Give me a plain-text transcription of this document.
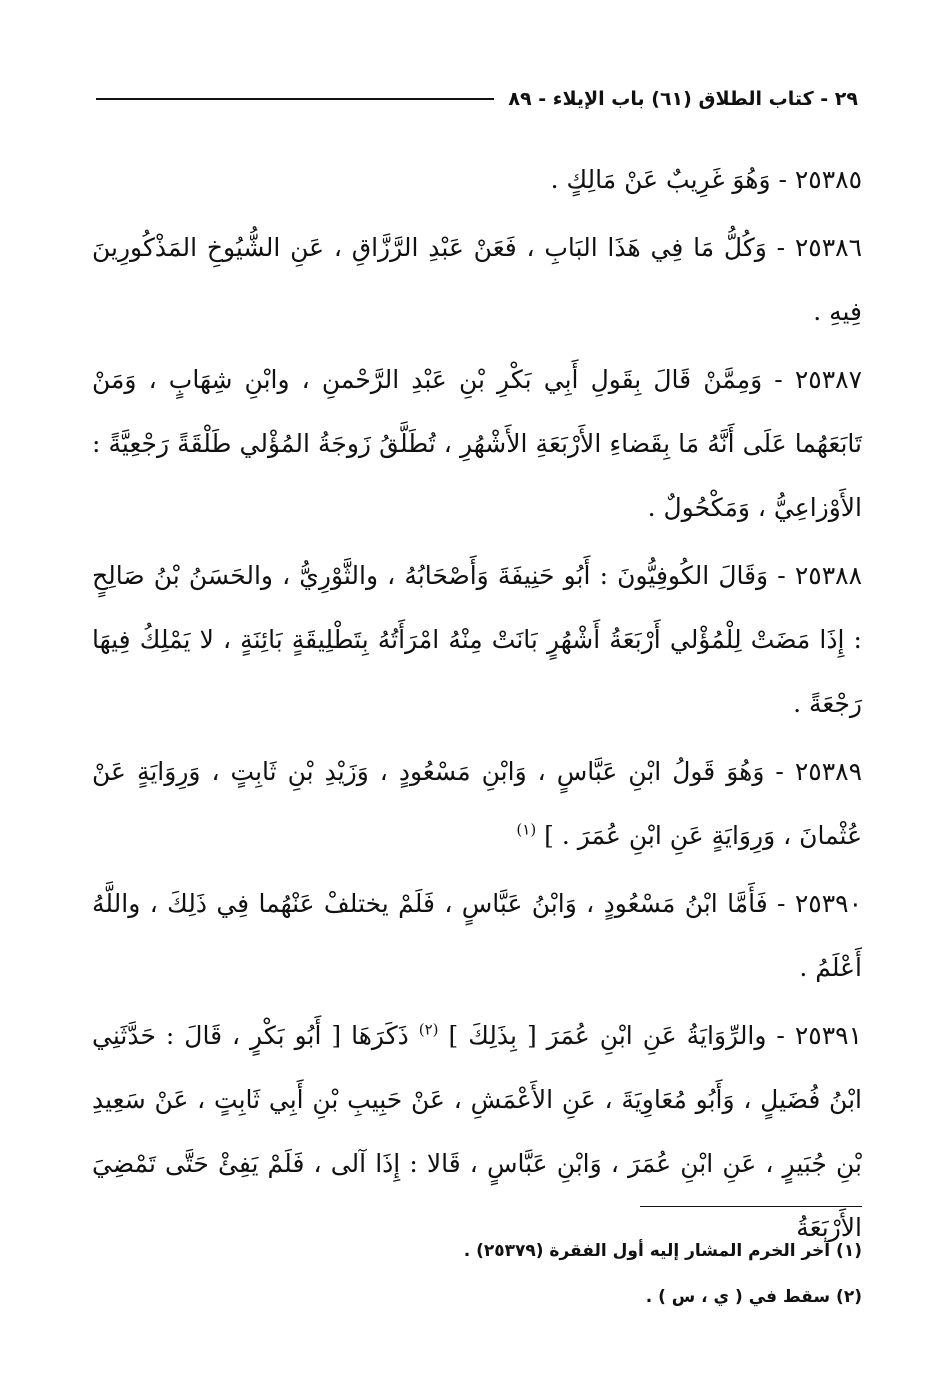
٢٩ - كتاب الطلاق (٦١) باب الإيلاء - ٨٩

٢٥٣٨٥ - وَهُوَ غَرِيبٌ عَنْ مَالِكٍ .

٢٥٣٨٦ - وَكُلُّ مَا فِي هَذَا البَابِ ، فَعَنْ عَبْدِ الرَّزَّاقِ ، عَنِ الشُّيُوخِ المَذْكُورِينَ فِيهِ .

٢٥٣٨٧ - وَمِمَّنْ قَالَ بِقَولِ أَبِي بَكْرِ بْنِ عَبْدِ الرَّحْمنِ ، وابْنِ شِهَابٍ ، وَمَنْ تَابَعَهُما عَلَى أَنَّهُ مَا بِقَضاءِ الأَرْبَعَةِ الأَشْهُرِ ، تُطَلَّقُ زَوجَةُ المُؤْلي طَلْقَةً رَجْعِيَّةً : الأَوْزاعِيُّ ، وَمَكْحُولٌ .

٢٥٣٨٨ - وَقَالَ الكُوفِيُّونَ : أَبُو حَنِيفَةَ وَأَصْحَابُهُ ، والثَّوْرِيُّ ، والحَسَنُ بْنُ صَالِحٍ : إِذَا مَضَتْ لِلْمُؤْلي أَرْبَعَةُ أَشْهُرٍ بَانَتْ مِنْهُ امْرَأَتُهُ بِتَطْلِيقَةٍ بَائِنَةٍ ، لا يَمْلِكُ فِيهَا رَجْعَةً .

٢٥٣٨٩ - وَهُوَ قَولُ ابْنِ عَبَّاسٍ ، وَابْنِ مَسْعُودٍ ، وَزَيْدِ بْنِ ثَابِتٍ ، وَرِوَايَةٍ عَنْ عُثْمانَ ، وَرِوَايَةٍ عَنِ ابْنِ عُمَرَ . ] $^{(١)}$

٢٥٣٩٠ - فَأَمَّا ابْنُ مَسْعُودٍ ، وَابْنُ عَبَّاسٍ ، فَلَمْ يختلفْ عَنْهُما فِي ذَلِكَ ، واللَّهُ أَعْلَمُ .

٢٥٣٩١ - والرِّوَايَةُ عَنِ ابْنِ عُمَرَ [ بِذَلِكَ ] $^{(٢)}$ ذَكَرَهَا [ أَبُو بَكْرٍ ، قَالَ : حَدَّثَنِي ابْنُ فُضَيلٍ ، وَأَبُو مُعَاوِيَةَ ، عَنِ الأَعْمَشِ ، عَنْ حَبِيبِ بْنِ أَبِي ثَابِتٍ ، عَنْ سَعِيدِ بْنِ جُبَيرٍ ، عَنِ ابْنِ عُمَرَ ، وَابْنِ عَبَّاسٍ ، قَالا : إِذَا آلى ، فَلَمْ يَفِئْ حَتَّى تَمْضِيَ الأَرْبَعَةُ

(١) آخر الخرم المشار إليه أول الفقرة (٢٥٣٧٩) .

(٢) سقط في ( ي ، س ) .
